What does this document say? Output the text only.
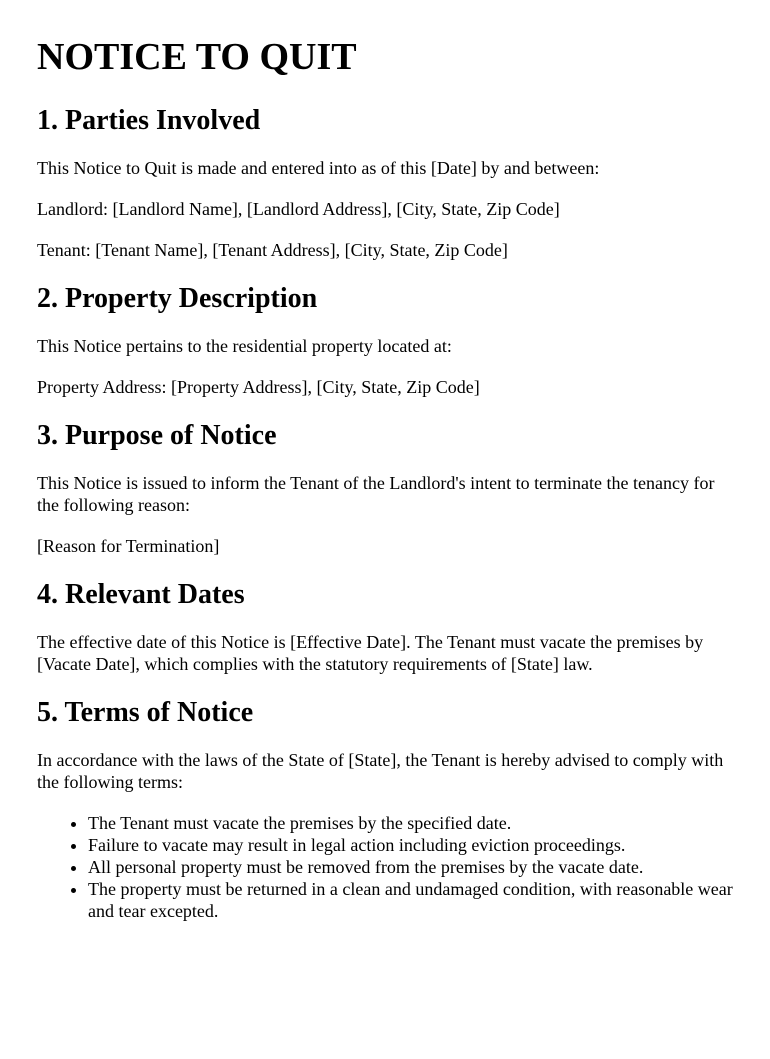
NOTICE TO QUIT
1. Parties Involved

This Notice to Quit is made and entered into as of this [Date] by and between:

Landlord: [Landlord Name], [Landlord Address], [City, State, Zip Code]

Tenant: [Tenant Name], [Tenant Address], [City, State, Zip Code]

2. Property Description

This Notice pertains to the residential property located at:

Property Address: [Property Address], [City, State, Zip Code]

3. Purpose of Notice

This Notice is issued to inform the Tenant of the Landlord's intent to terminate the tenancy for the following reason:

[Reason for Termination]

4. Relevant Dates

The effective date of this Notice is [Effective Date]. The Tenant must vacate the premises by [Vacate Date], which complies with the statutory requirements of [State] law.

5. Terms of Notice

In accordance with the laws of the State of [State], the Tenant is hereby advised to comply with the following terms:

• The Tenant must vacate the premises by the specified date.
• Failure to vacate may result in legal action including eviction proceedings.
• All personal property must be removed from the premises by the vacate date.
• The property must be returned in a clean and undamaged condition, with reasonable wear and tear excepted.
